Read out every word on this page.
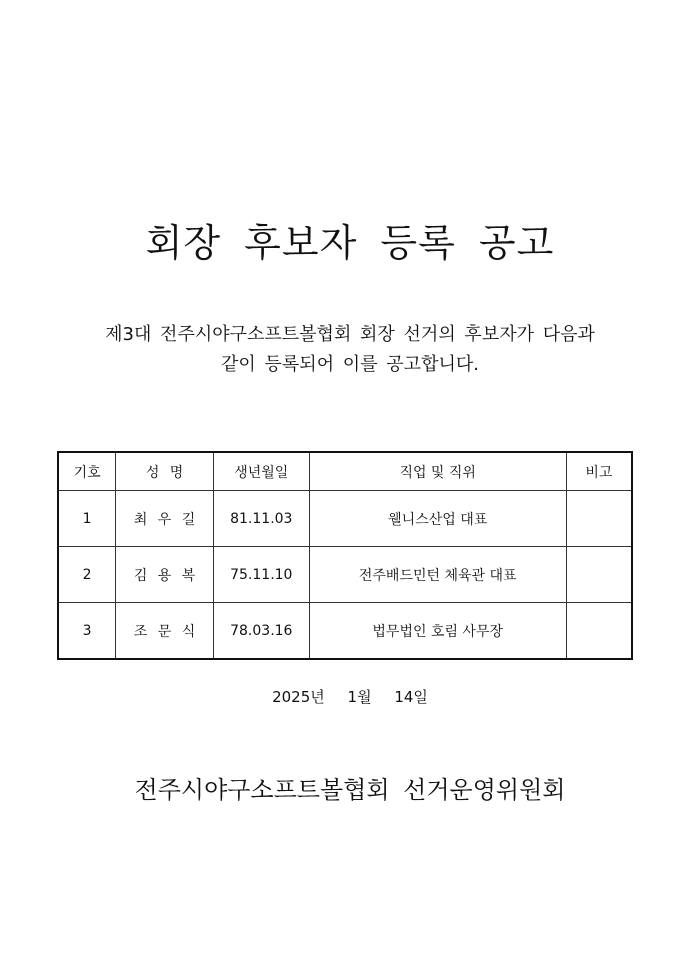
회장 후보자 등록 공고
제3대 전주시야구소프트볼협회 회장 선거의 후보자가 다음과
같이 등록되어 이를 공고합니다.
기호	성 명	생년월일	직업 및 직위	비고
1	최 우 길	81.11.03	웰니스산업 대표	
2	김 용 복	75.11.10	전주배드민턴 체육관 대표	
3	조 문 식	78.03.16	법무법인 호림 사무장	
2025년 1월 14일
전주시야구소프트볼협회 선거운영위원회
